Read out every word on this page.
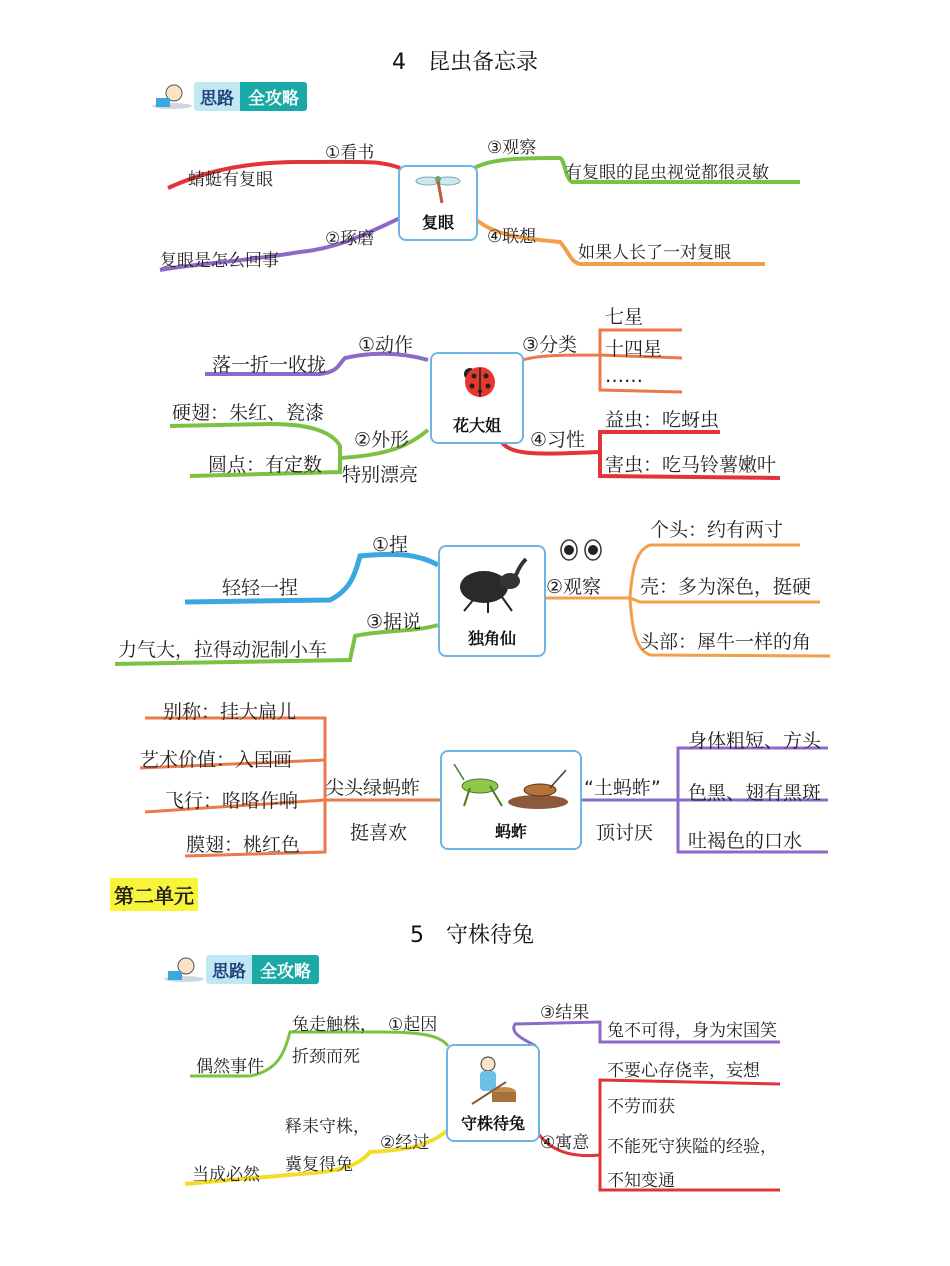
4　昆虫备忘录
思路 全攻略
复眼
①看书
蜻蜓有复眼
②琢磨
复眼是怎么回事
③观察
有复眼的昆虫视觉都很灵敏
④联想
如果人长了一对复眼
花大姐
①动作
落一折一收拢
②外形
特别漂亮
硬翅：朱红、瓷漆
圆点：有定数
③分类
七星
十四星
……
④习性
益虫：吃蚜虫
害虫：吃马铃薯嫩叶
独角仙
①捏
轻轻一捏
③据说
力气大，拉得动泥制小车
②观察
个头：约有两寸
壳：多为深色，挺硬
头部：犀牛一样的角
蚂蚱
尖头绿蚂蚱
挺喜欢
别称：挂大扁儿
艺术价值：入国画
飞行：咯咯作响
膜翅：桃红色
“土蚂蚱”
顶讨厌
身体粗短、方头
色黑、翅有黑斑
吐褐色的口水
第二单元
5　守株待兔
思路 全攻略
守株待兔
①起因
兔走触株，
折颈而死
偶然事件
②经过
释耒守株，
冀复得兔
当成必然
③结果
兔不可得，身为宋国笑
④寓意
不要心存侥幸，妄想
不劳而获
不能死守狭隘的经验，
不知变通
